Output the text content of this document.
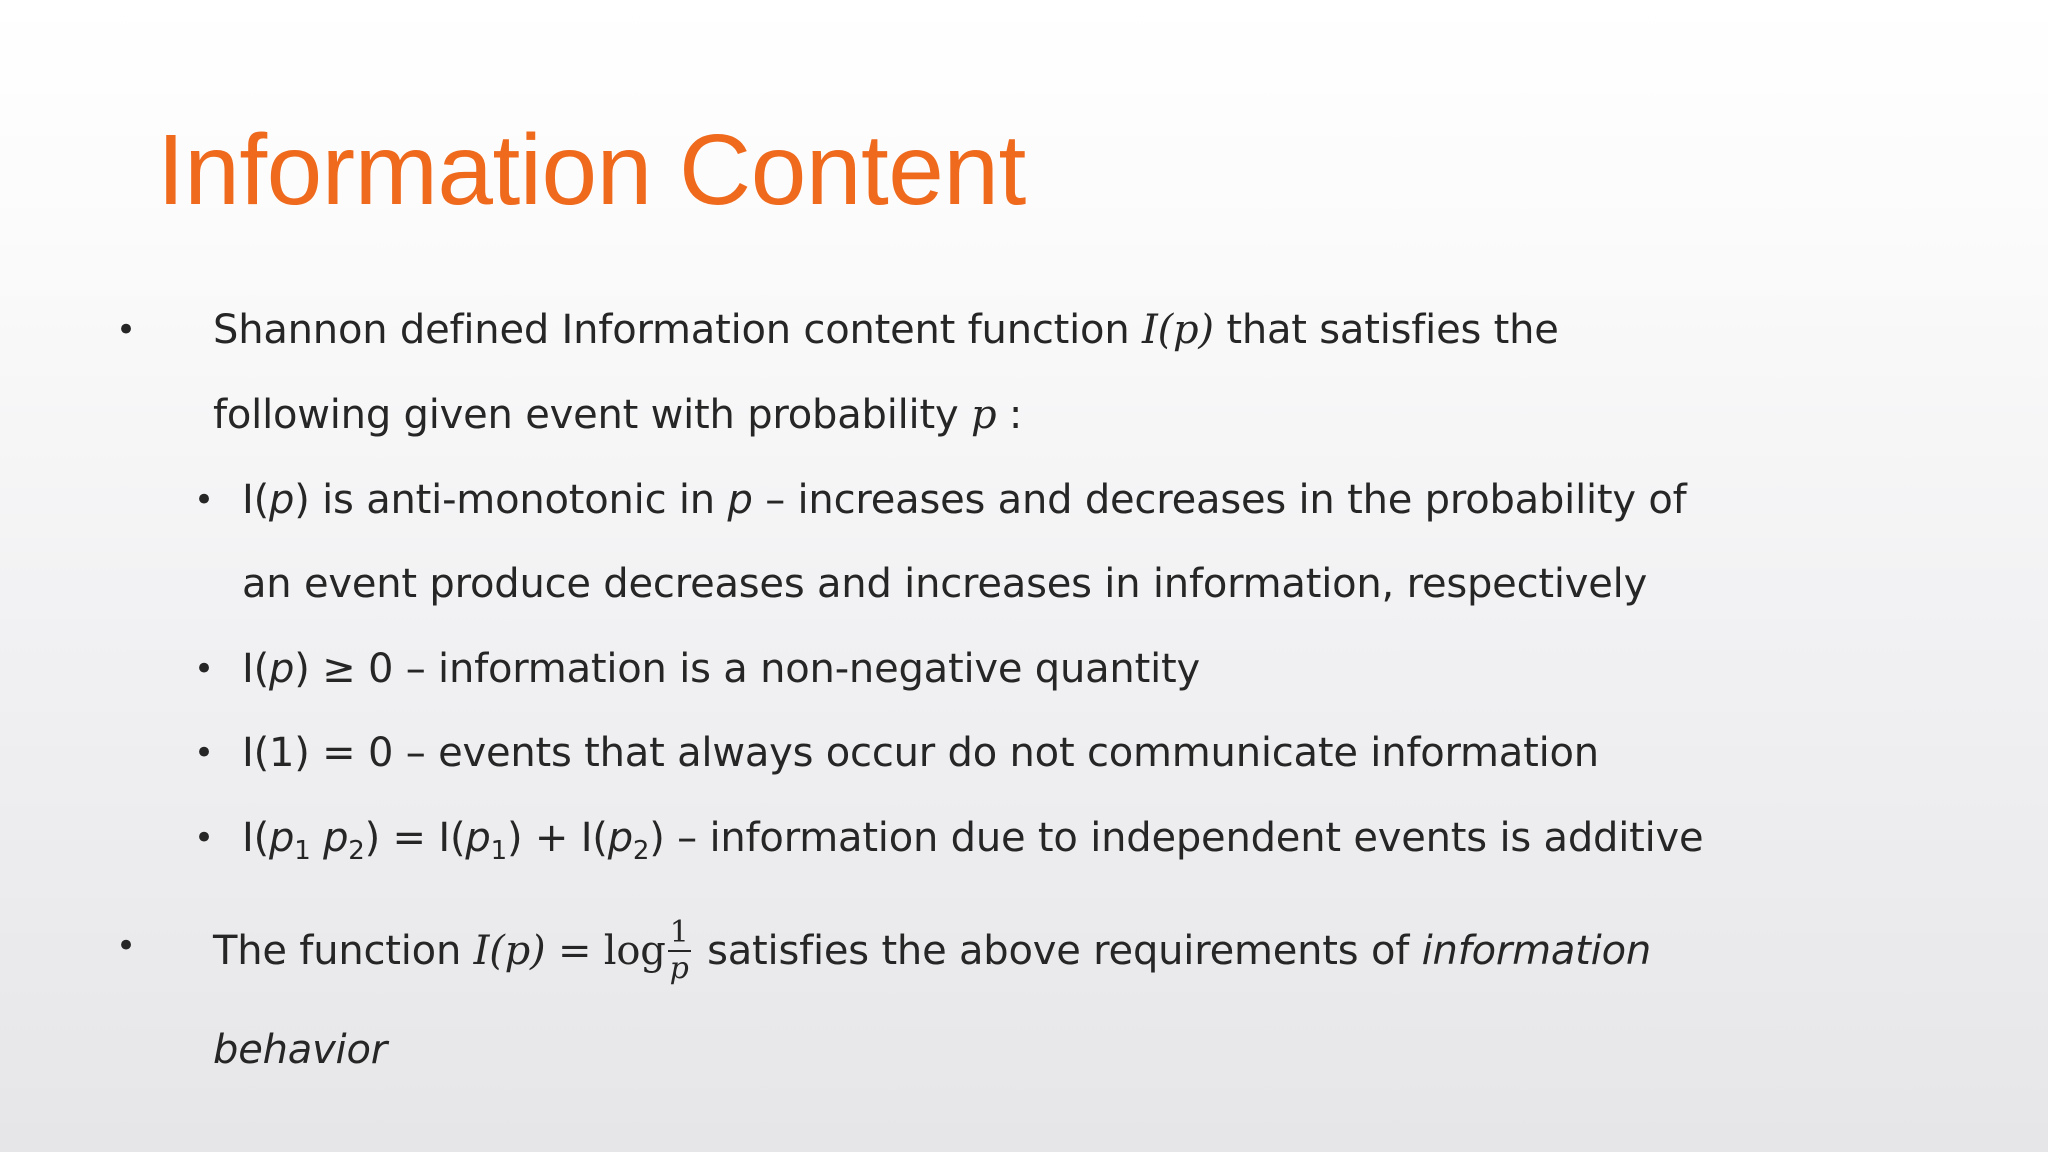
Information Content
• Shannon defined Information content function I(p) that satisfies the
following given event with probability p :
• I(p) is anti-monotonic in p – increases and decreases in the probability of
an event produce decreases and increases in information, respectively
• I(p) ≥ 0 – information is a non-negative quantity
• I(1) = 0 – events that always occur do not communicate information
• $I(p_1$ $p_2) = I(p_1) + I(p_2)$ – information due to independent events is additive
• The function $I(p) = \log \frac{1}{p}$ satisfies the above requirements of information
behavior
